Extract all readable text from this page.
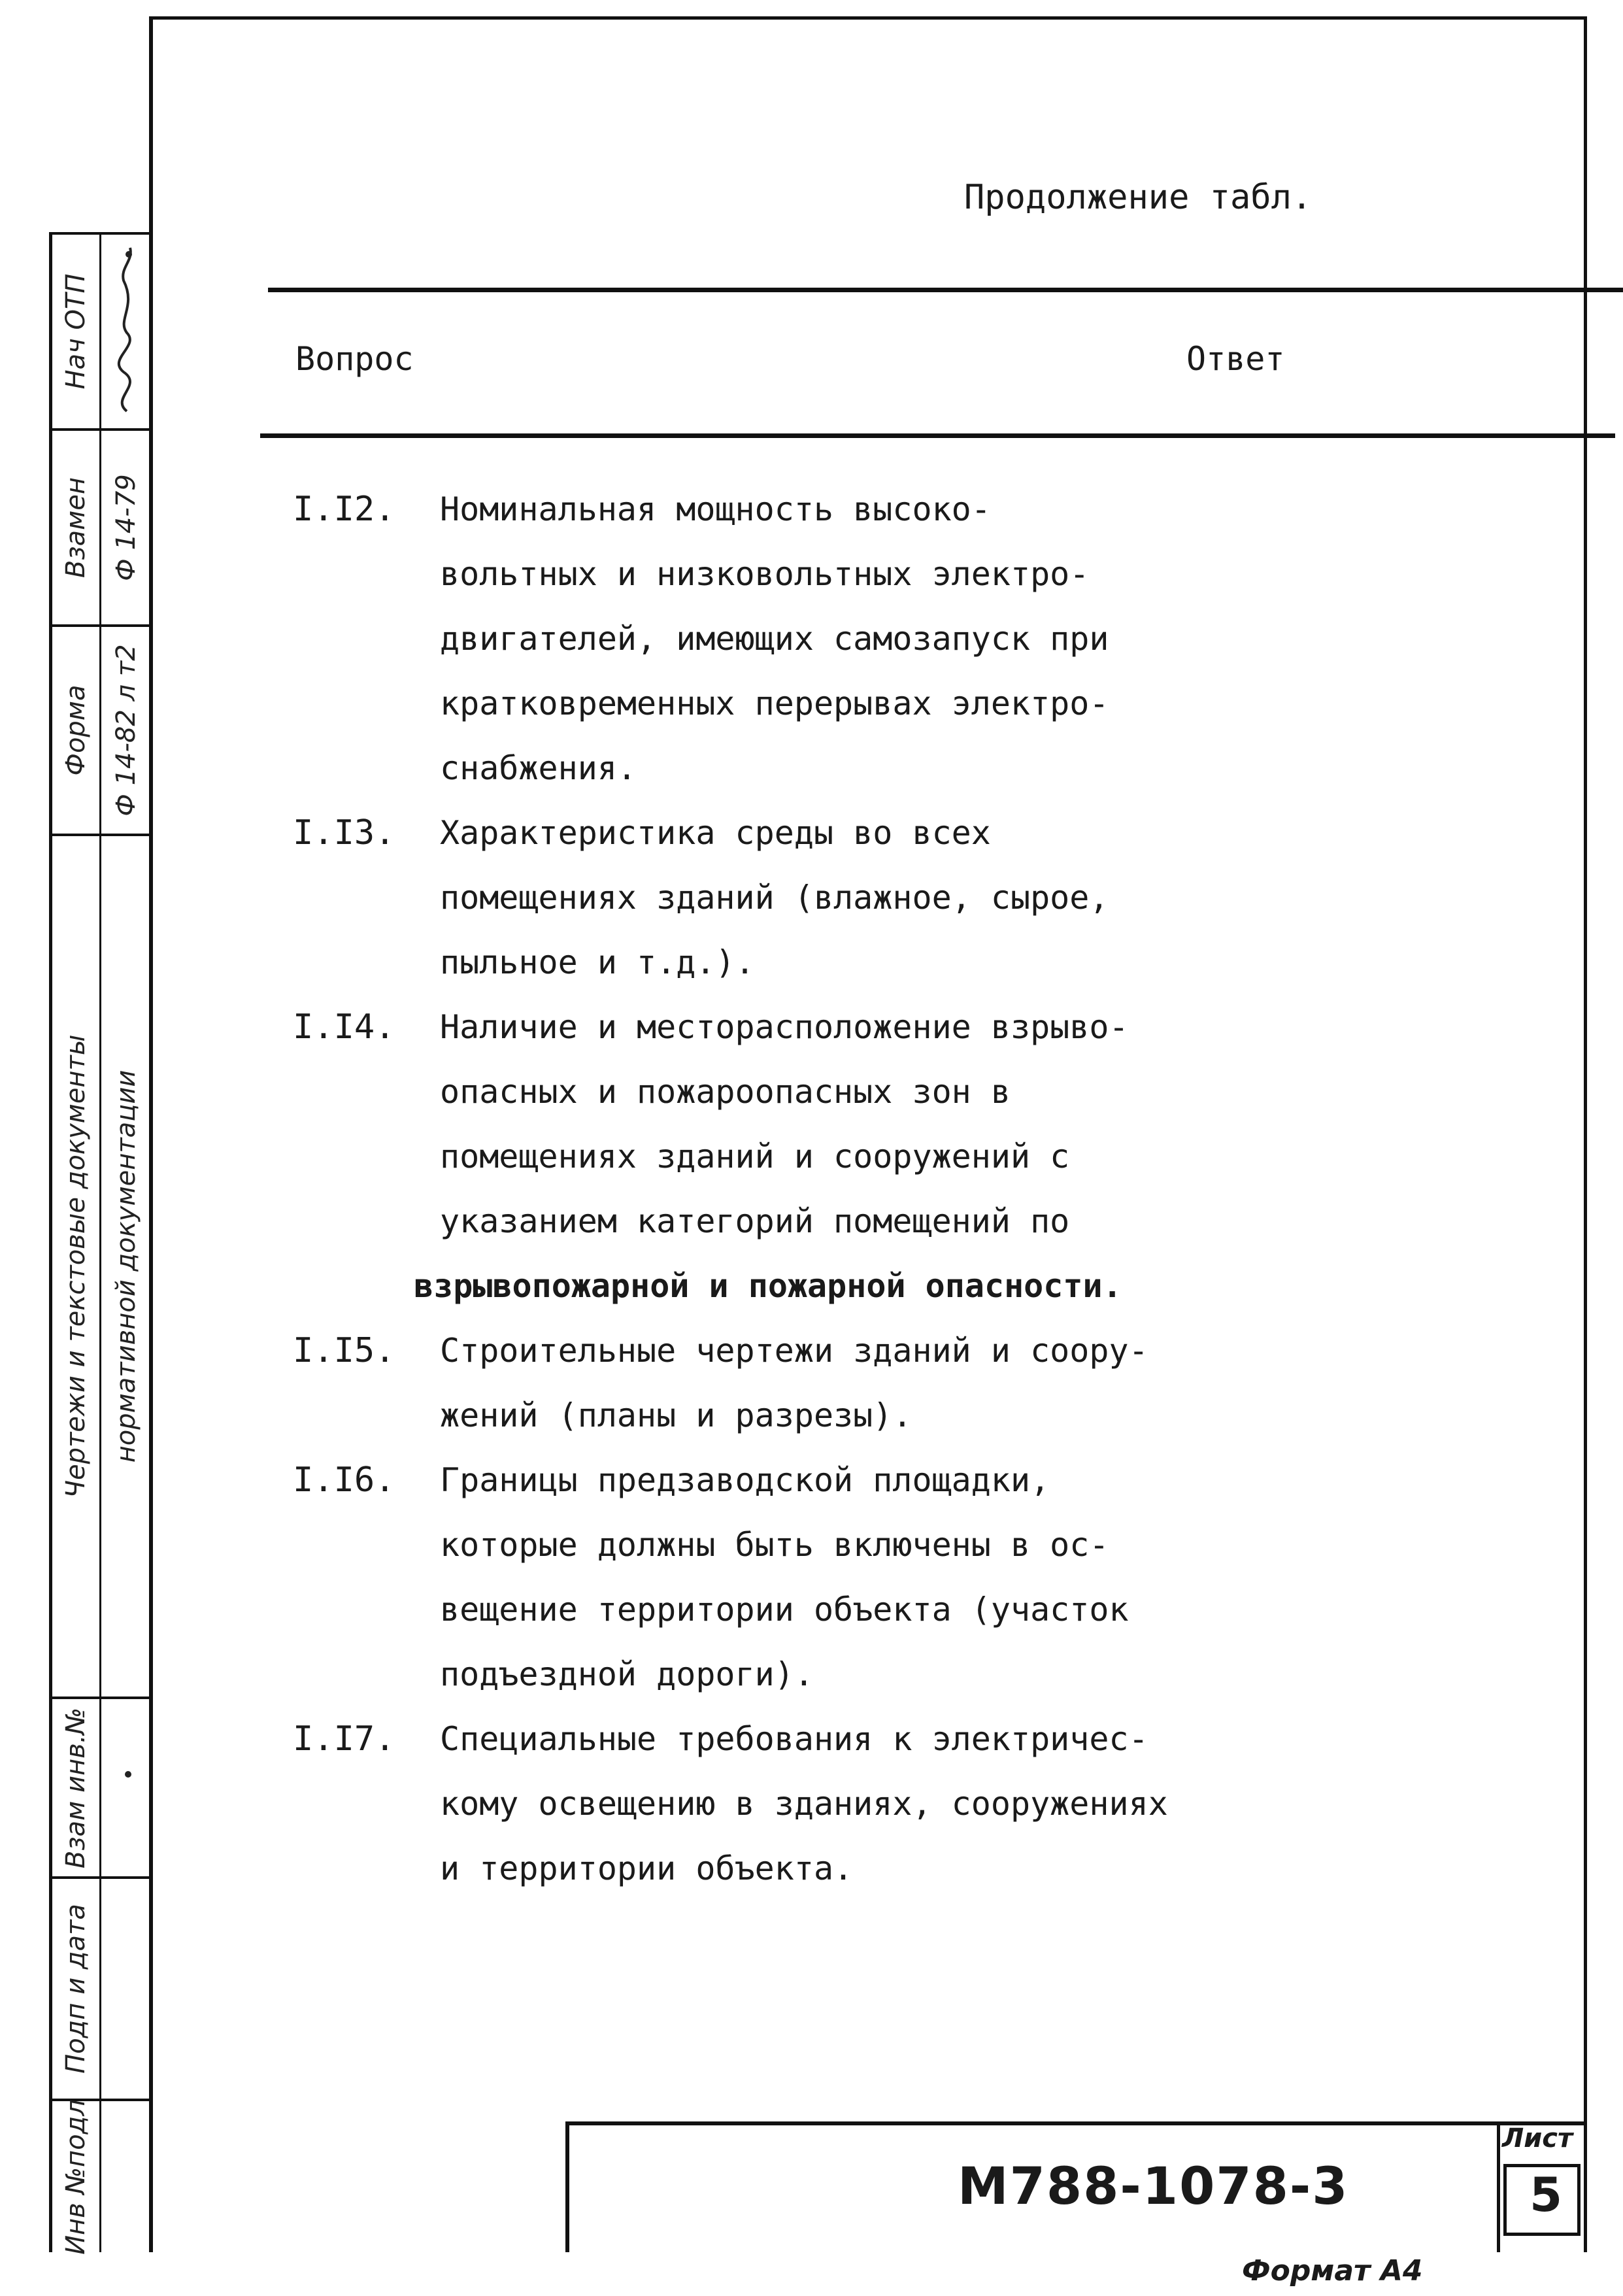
Продолжение табл.
Вопрос	Ответ
I.I2. Номинальная мощность высоко-
вольтных и низковольтных электро-
двигателей, имеющих самозапуск при
кратковременных перерывах электро-
снабжения.
I.I3. Характеристика среды во всех
помещениях зданий (влажное, сырое,
пыльное и т.д.).
I.I4. Наличие и месторасположение взрыво-
опасных и пожароопасных зон в
помещениях зданий и сооружений с
указанием категорий помещений по
взрывопожарной и пожарной опасности.
I.I5. Строительные чертежи зданий и соору-
жений (планы и разрезы).
I.I6. Границы предзаводской площадки,
которые должны быть включены в ос-
вещение территории объекта (участок
подъездной дороги).
I.I7. Специальные требования к электричес-
кому освещению в зданиях, сооружениях
и территории объекта.
Нач ОТП
Взамен Ф 14-79
Форма Ф 14-82 л т2
Чертежи и текстовые документы нормативной документации
Взам инв.№
Подп и дата
Инв №подл	М788-1078-3
Лист
5
Формат А4
